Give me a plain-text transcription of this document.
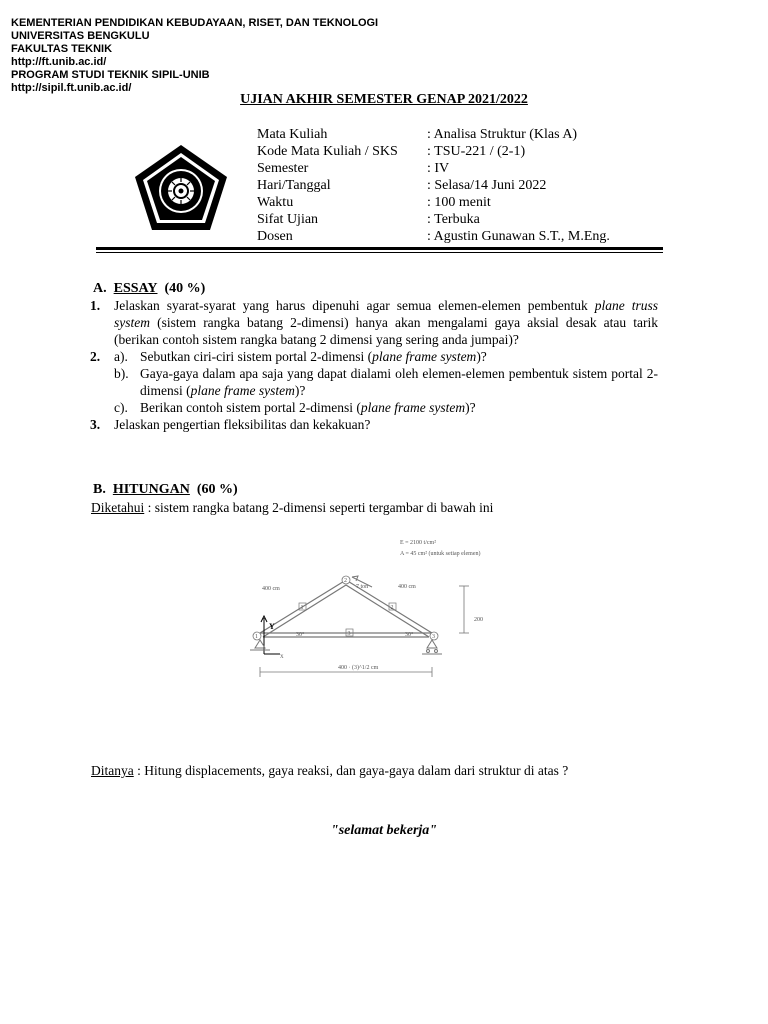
KEMENTERIAN PENDIDIKAN KEBUDAYAAN, RISET, DAN TEKNOLOGI
UNIVERSITAS BENGKULU
FAKULTAS TEKNIK
http://ft.unib.ac.id/
PROGRAM STUDI TEKNIK SIPIL-UNIB
http://sipil.ft.unib.ac.id/
UJIAN AKHIR SEMESTER GENAP 2021/2022
Mata Kuliah	: Analisa Struktur (Klas A)
Kode Mata Kuliah / SKS	: TSU-221 / (2-1)
Semester	: IV
Hari/Tanggal	: Selasa/14 Juni 2022
Waktu	: 100 menit
Sifat Ujian	: Terbuka
Dosen	: Agustin Gunawan S.T., M.Eng.
A. ESSAY (40 %)
1.	Jelaskan syarat-syarat yang harus dipenuhi agar semua elemen-elemen pembentuk plane truss system (sistem rangka batang 2-dimensi) hanya akan mengalami gaya aksial desak atau tarik (berikan contoh sistem rangka batang 2 dimensi yang sering anda jumpai)?
2.	a). Sebutkan ciri-ciri sistem portal 2-dimensi (plane frame system)?
b). Gaya-gaya dalam apa saja yang dapat dialami oleh elemen-elemen pembentuk sistem portal 2-dimensi (plane frame system)?
c). Berikan contoh sistem portal 2-dimensi (plane frame system)?
3.	Jelaskan pengertian fleksibilitas dan kekakuan?
B. HITUNGAN (60 %)
Diketahui : sistem rangka batang 2-dimensi seperti tergambar di bawah ini
E = 2100 t/cm²
A = 45 cm² (untuk setiap elemen)
7 ton
400 cm	400 cm
200
400 · (3)^1/2 cm
30°	30°
1	2
3
1
2
3
Y
X
Ditanya : Hitung displacements, gaya reaksi, dan gaya-gaya dalam dari struktur di atas ?
"selamat bekerja"
